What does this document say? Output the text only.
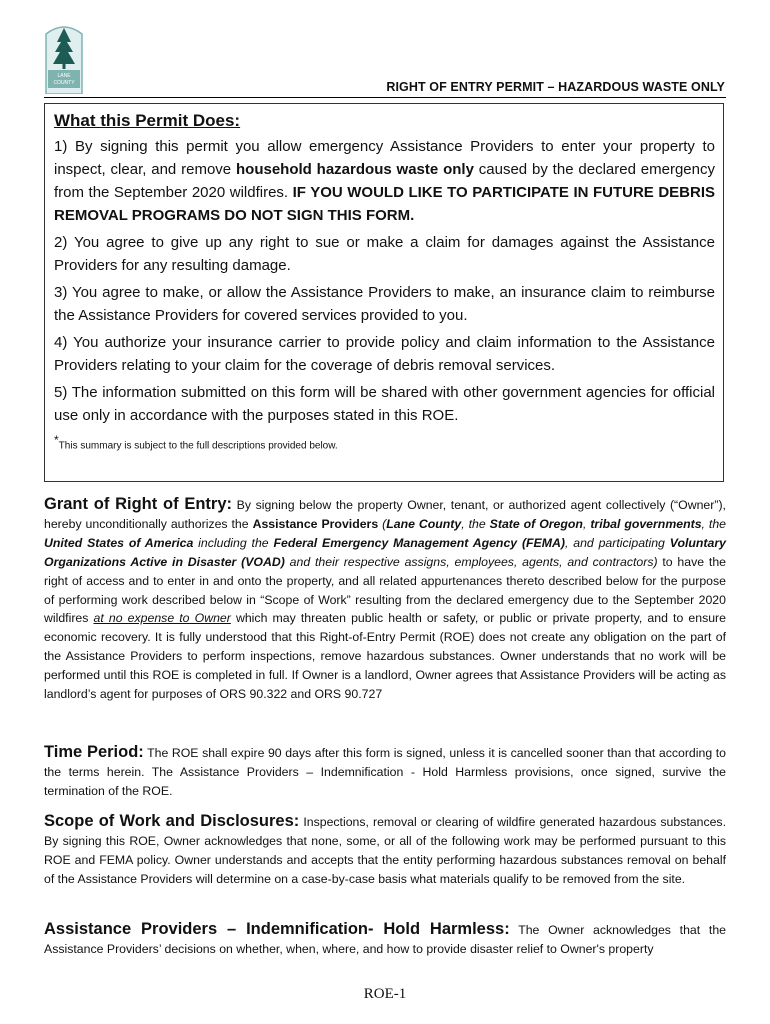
LANE
COUNTY	RIGHT OF ENTRY PERMIT – HAZARDOUS WASTE ONLY
What this Permit Does:

1) By signing this permit you allow emergency Assistance Providers to enter your property to inspect, clear, and remove household hazardous waste only caused by the declared emergency from the September 2020 wildfires. IF YOU WOULD LIKE TO PARTICIPATE IN FUTURE DEBRIS REMOVAL PROGRAMS DO NOT SIGN THIS FORM.

2) You agree to give up any right to sue or make a claim for damages against the Assistance Providers for any resulting damage.

3) You agree to make, or allow the Assistance Providers to make, an insurance claim to reimburse the Assistance Providers for covered services provided to you.

4) You authorize your insurance carrier to provide policy and claim information to the Assistance Providers relating to your claim for the coverage of debris removal services.

5) The information submitted on this form will be shared with other government agencies for official use only in accordance with the purposes stated in this ROE.

*This summary is subject to the full descriptions provided below.

Grant of Right of Entry: By signing below the property Owner, tenant, or authorized agent collectively (“Owner”), hereby unconditionally authorizes the Assistance Providers (Lane County, the State of Oregon, tribal governments, the United States of America including the Federal Emergency Management Agency (FEMA), and participating Voluntary Organizations Active in Disaster (VOAD) and their respective assigns, employees, agents, and contractors) to have the right of access and to enter in and onto the property, and all related appurtenances thereto described below for the purpose of performing work described below in “Scope of Work” resulting from the declared emergency due to the September 2020 wildfires at no expense to Owner which may threaten public health or safety, or public or private property, and to ensure economic recovery. It is fully understood that this Right-of-Entry Permit (ROE) does not create any obligation on the part of the Assistance Providers to perform inspections, remove hazardous substances. Owner understands that no work will be performed until this ROE is completed in full. If Owner is a landlord, Owner agrees that Assistance Providers will be acting as landlord’s agent for purposes of ORS 90.322 and ORS 90.727

Time Period: The ROE shall expire 90 days after this form is signed, unless it is cancelled sooner than that according to the terms herein. The Assistance Providers – Indemnification - Hold Harmless provisions, once signed, survive the termination of the ROE.

Scope of Work and Disclosures: Inspections, removal or clearing of wildfire generated hazardous substances. By signing this ROE, Owner acknowledges that none, some, or all of the following work may be performed pursuant to this ROE and FEMA policy. Owner understands and accepts that the entity performing hazardous substances removal on behalf of the Assistance Providers will determine on a case-by-case basis what materials qualify to be removed from the site.

Assistance Providers – Indemnification- Hold Harmless: The Owner acknowledges that the Assistance Providers’ decisions on whether, when, where, and how to provide disaster relief to Owner's property

ROE-1
